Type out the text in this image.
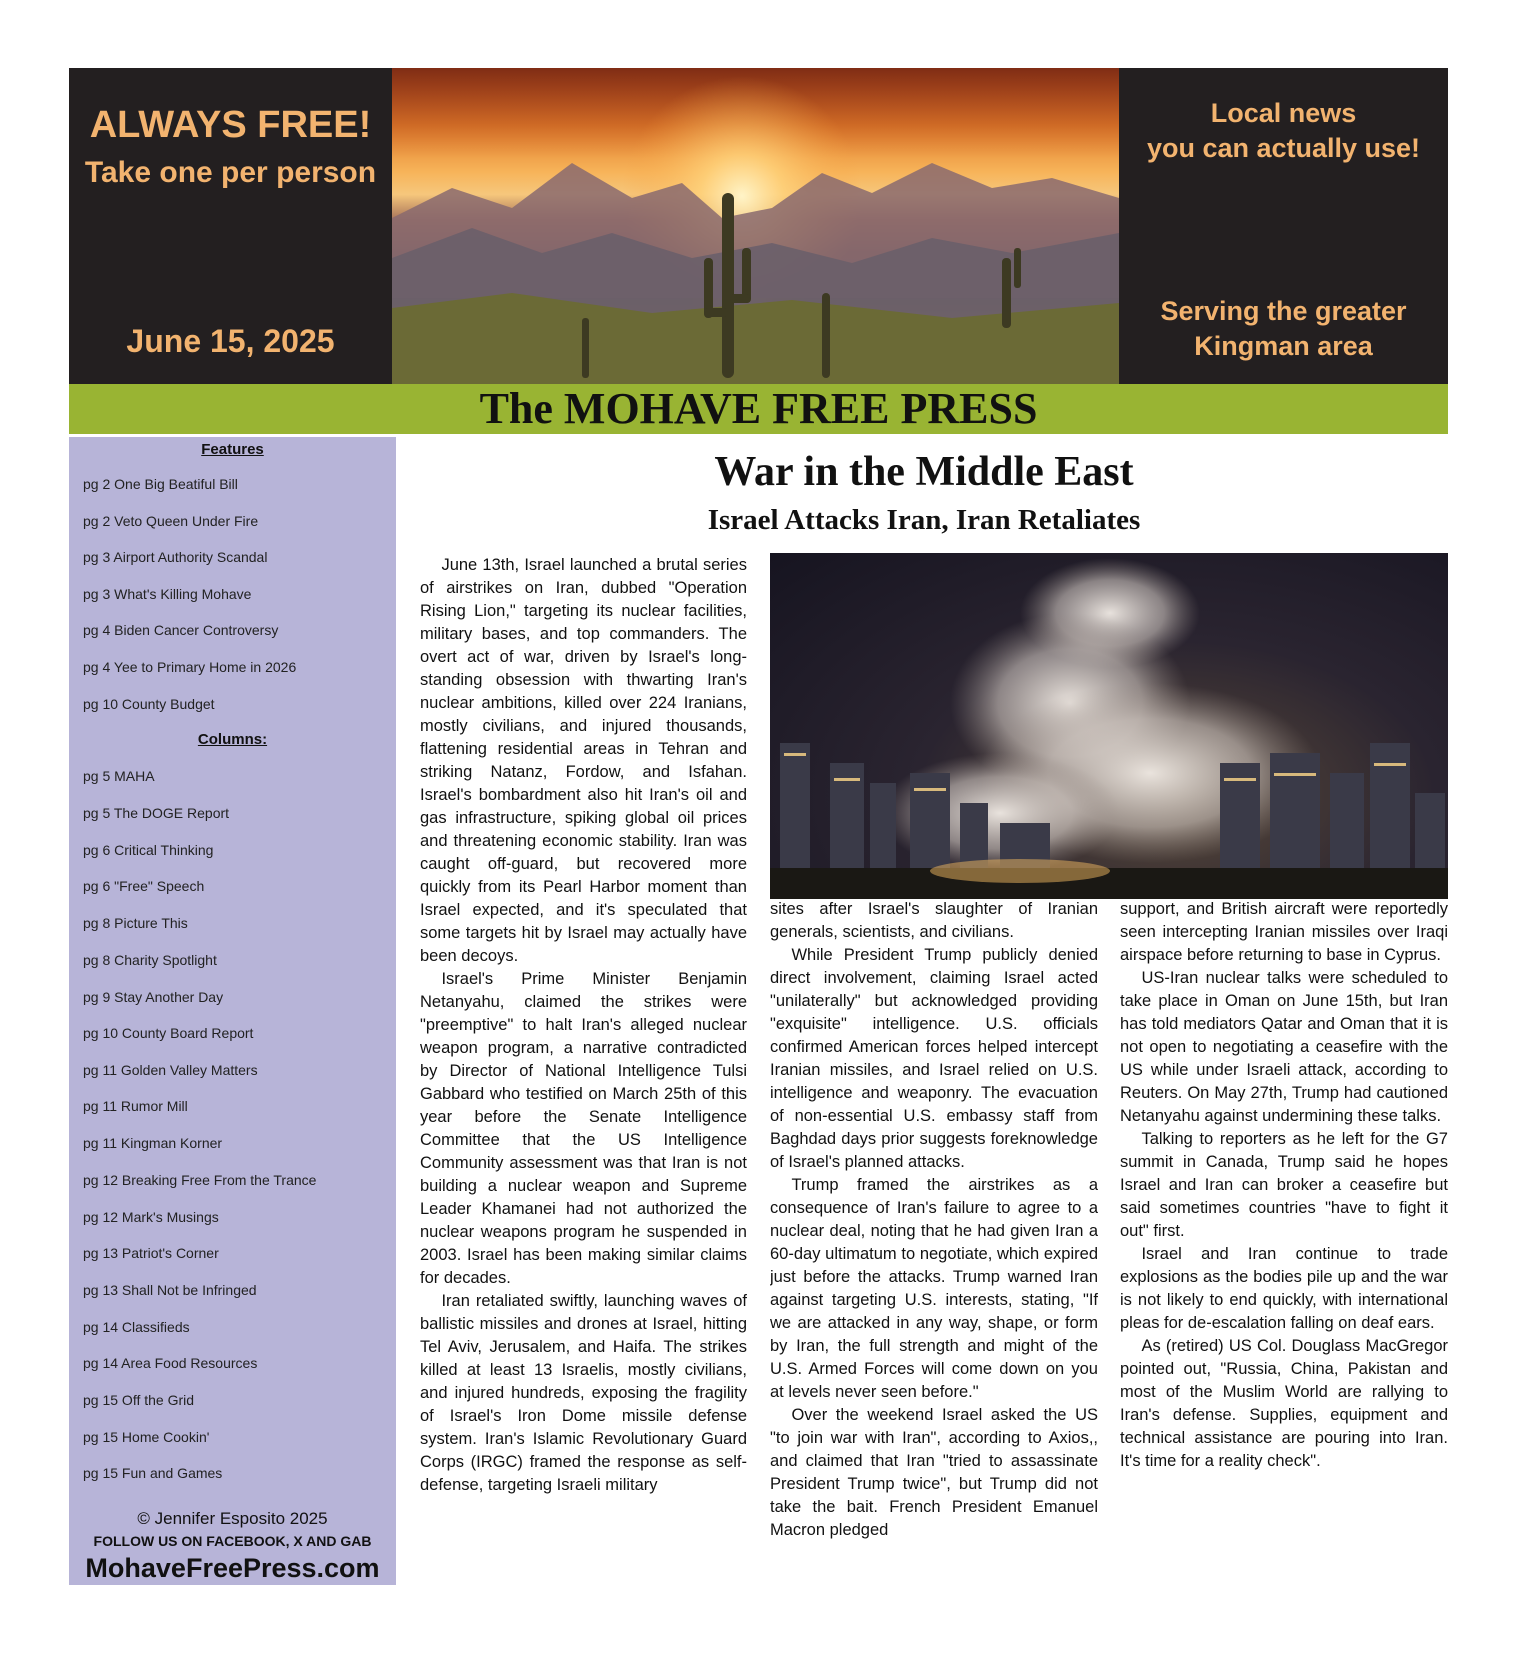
ALWAYS FREE!
Take one per person
June 15, 2025
Local news
you can actually use!
Serving the greater
Kingman area
The MOHAVE FREE PRESS
Features
pg 2 One Big Beatiful Bill
pg 2 Veto Queen Under Fire
pg 3 Airport Authority Scandal
pg 3 What's Killing Mohave
pg 4 Biden Cancer Controversy
pg 4 Yee to Primary Home in 2026
pg 10 County Budget
Columns:
pg 5 MAHA
pg 5 The DOGE Report
pg 6 Critical Thinking
pg 6 "Free" Speech
pg 8 Picture This
pg 8 Charity Spotlight
pg 9 Stay Another Day
pg 10 County Board Report
pg 11 Golden Valley Matters
pg 11 Rumor Mill
pg 11 Kingman Korner
pg 12 Breaking Free From the Trance
pg 12 Mark's Musings
pg 13 Patriot's Corner
pg 13 Shall Not be Infringed
pg 14 Classifieds
pg 14 Area Food Resources
pg 15 Off the Grid
pg 15 Home Cookin'
pg 15 Fun and Games
© Jennifer Esposito 2025
FOLLOW US ON FACEBOOK, X AND GAB
MohaveFreePress.com
War in the Middle East
Israel Attacks Iran, Iran Retaliates

June 13th, Israel launched a brutal series of airstrikes on Iran, dubbed "Operation Rising Lion," targeting its nuclear facilities, military bases, and top commanders. The overt act of war, driven by Israel's long-standing obsession with thwarting Iran's nuclear ambitions, killed over 224 Iranians, mostly civilians, and injured thousands, flattening residential areas in Tehran and striking Natanz, Fordow, and Isfahan. Israel's bombardment also hit Iran's oil and gas infrastructure, spiking global oil prices and threatening economic stability. Iran was caught off-guard, but recovered more quickly from its Pearl Harbor moment than Israel expected, and it's speculated that some targets hit by Israel may actually have been decoys.

Israel's Prime Minister Benjamin Netanyahu, claimed the strikes were "preemptive" to halt Iran's alleged nuclear weapon program, a narrative contradicted by Director of National Intelligence Tulsi Gabbard who testified on March 25th of this year before the Senate Intelligence Committee that the US Intelligence Community assessment was that Iran is not building a nuclear weapon and Supreme Leader Khamanei had not authorized the nuclear weapons program he suspended in 2003. Israel has been making similar claims for decades.

Iran retaliated swiftly, launching waves of ballistic missiles and drones at Israel, hitting Tel Aviv, Jerusalem, and Haifa. The strikes killed at least 13 Israelis, mostly civilians, and injured hundreds, exposing the fragility of Israel's Iron Dome missile defense system. Iran's Islamic Revolutionary Guard Corps (IRGC) framed the response as self-defense, targeting Israeli military

sites after Israel's slaughter of Iranian generals, scientists, and civilians.

While President Trump publicly denied direct involvement, claiming Israel acted "unilaterally" but acknowledged providing "exquisite" intelligence. U.S. officials confirmed American forces helped intercept Iranian missiles, and Israel relied on U.S. intelligence and weaponry. The evacuation of non-essential U.S. embassy staff from Baghdad days prior suggests foreknowledge of Israel's planned attacks.

Trump framed the airstrikes as a consequence of Iran's failure to agree to a nuclear deal, noting that he had given Iran a 60-day ultimatum to negotiate, which expired just before the attacks. Trump warned Iran against targeting U.S. interests, stating, "If we are attacked in any way, shape, or form by Iran, the full strength and might of the U.S. Armed Forces will come down on you at levels never seen before."

Over the weekend Israel asked the US "to join war with Iran", according to Axios,, and claimed that Iran "tried to assassinate President Trump twice", but Trump did not take the bait. French President Emanuel Macron pledged

support, and British aircraft were reportedly seen intercepting Iranian missiles over Iraqi airspace before returning to base in Cyprus.

US-Iran nuclear talks were scheduled to take place in Oman on June 15th, but Iran has told mediators Qatar and Oman that it is not open to negotiating a ceasefire with the US while under Israeli attack, according to Reuters. On May 27th, Trump had cautioned Netanyahu against undermining these talks.

Talking to reporters as he left for the G7 summit in Canada, Trump said he hopes Israel and Iran can broker a ceasefire but said sometimes countries "have to fight it out" first.

Israel and Iran continue to trade explosions as the bodies pile up and the war is not likely to end quickly, with international pleas for de-escalation falling on deaf ears.

As (retired) US Col. Douglass MacGregor pointed out, "Russia, China, Pakistan and most of the Muslim World are rallying to Iran's defense. Supplies, equipment and technical assistance are pouring into Iran. It's time for a reality check".
